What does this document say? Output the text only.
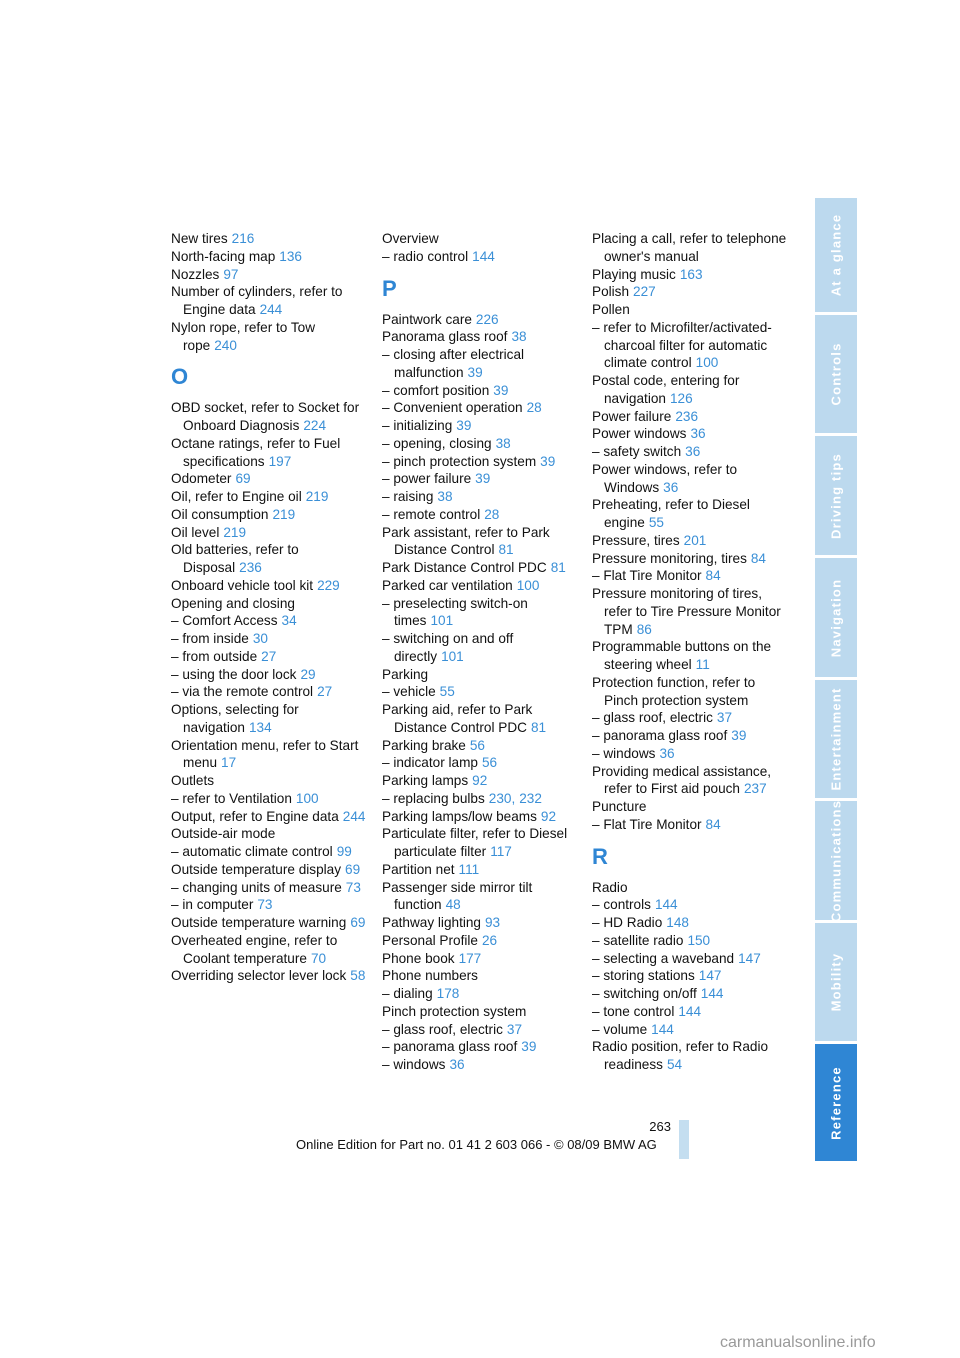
New tires 216
North-facing map 136
Nozzles 97
Number of cylinders, refer to Engine data 244
Nylon rope, refer to Tow rope 240
O
OBD socket, refer to Socket for Onboard Diagnosis 224
Octane ratings, refer to Fuel specifications 197
Odometer 69
Oil, refer to Engine oil 219
Oil consumption 219
Oil level 219
Old batteries, refer to Disposal 236
Onboard vehicle tool kit 229
Opening and closing
– Comfort Access 34
– from inside 30
– from outside 27
– using the door lock 29
– via the remote control 27
Options, selecting for navigation 134
Orientation menu, refer to Start menu 17
Outlets
– refer to Ventilation 100
Output, refer to Engine data 244
Outside-air mode
– automatic climate control 99
Outside temperature display 69
– changing units of measure 73
– in computer 73
Outside temperature warning 69
Overheated engine, refer to Coolant temperature 70
Overriding selector lever lock 58
Overview
– radio control 144
P
Paintwork care 226
Panorama glass roof 38
– closing after electrical malfunction 39
– comfort position 39
– Convenient operation 28
– initializing 39
– opening, closing 38
– pinch protection system 39
– power failure 39
– raising 38
– remote control 28
Park assistant, refer to Park Distance Control 81
Park Distance Control PDC 81
Parked car ventilation 100
– preselecting switch-on times 101
– switching on and off directly 101
Parking
– vehicle 55
Parking aid, refer to Park Distance Control PDC 81
Parking brake 56
– indicator lamp 56
Parking lamps 92
– replacing bulbs 230, 232
Parking lamps/low beams 92
Particulate filter, refer to Diesel particulate filter 117
Partition net 111
Passenger side mirror tilt function 48
Pathway lighting 93
Personal Profile 26
Phone book 177
Phone numbers
– dialing 178
Pinch protection system
– glass roof, electric 37
– panorama glass roof 39
– windows 36
Placing a call, refer to telephone owner's manual
Playing music 163
Polish 227
Pollen
– refer to Microfilter/activated-charcoal filter for automatic climate control 100
Postal code, entering for navigation 126
Power failure 236
Power windows 36
– safety switch 36
Power windows, refer to Windows 36
Preheating, refer to Diesel engine 55
Pressure, tires 201
Pressure monitoring, tires 84
– Flat Tire Monitor 84
Pressure monitoring of tires, refer to Tire Pressure Monitor TPM 86
Programmable buttons on the steering wheel 11
Protection function, refer to Pinch protection system
– glass roof, electric 37
– panorama glass roof 39
– windows 36
Providing medical assistance, refer to First aid pouch 237
Puncture
– Flat Tire Monitor 84
R
Radio
– controls 144
– HD Radio 148
– satellite radio 150
– selecting a waveband 147
– storing stations 147
– switching on/off 144
– tone control 144
– volume 144
Radio position, refer to Radio readiness 54
At a glance
Controls
Driving tips
Navigation
Entertainment
Communications
Mobility
Reference
263
Online Edition for Part no. 01 41 2 603 066 - © 08/09 BMW AG
carmanualsonline.info
